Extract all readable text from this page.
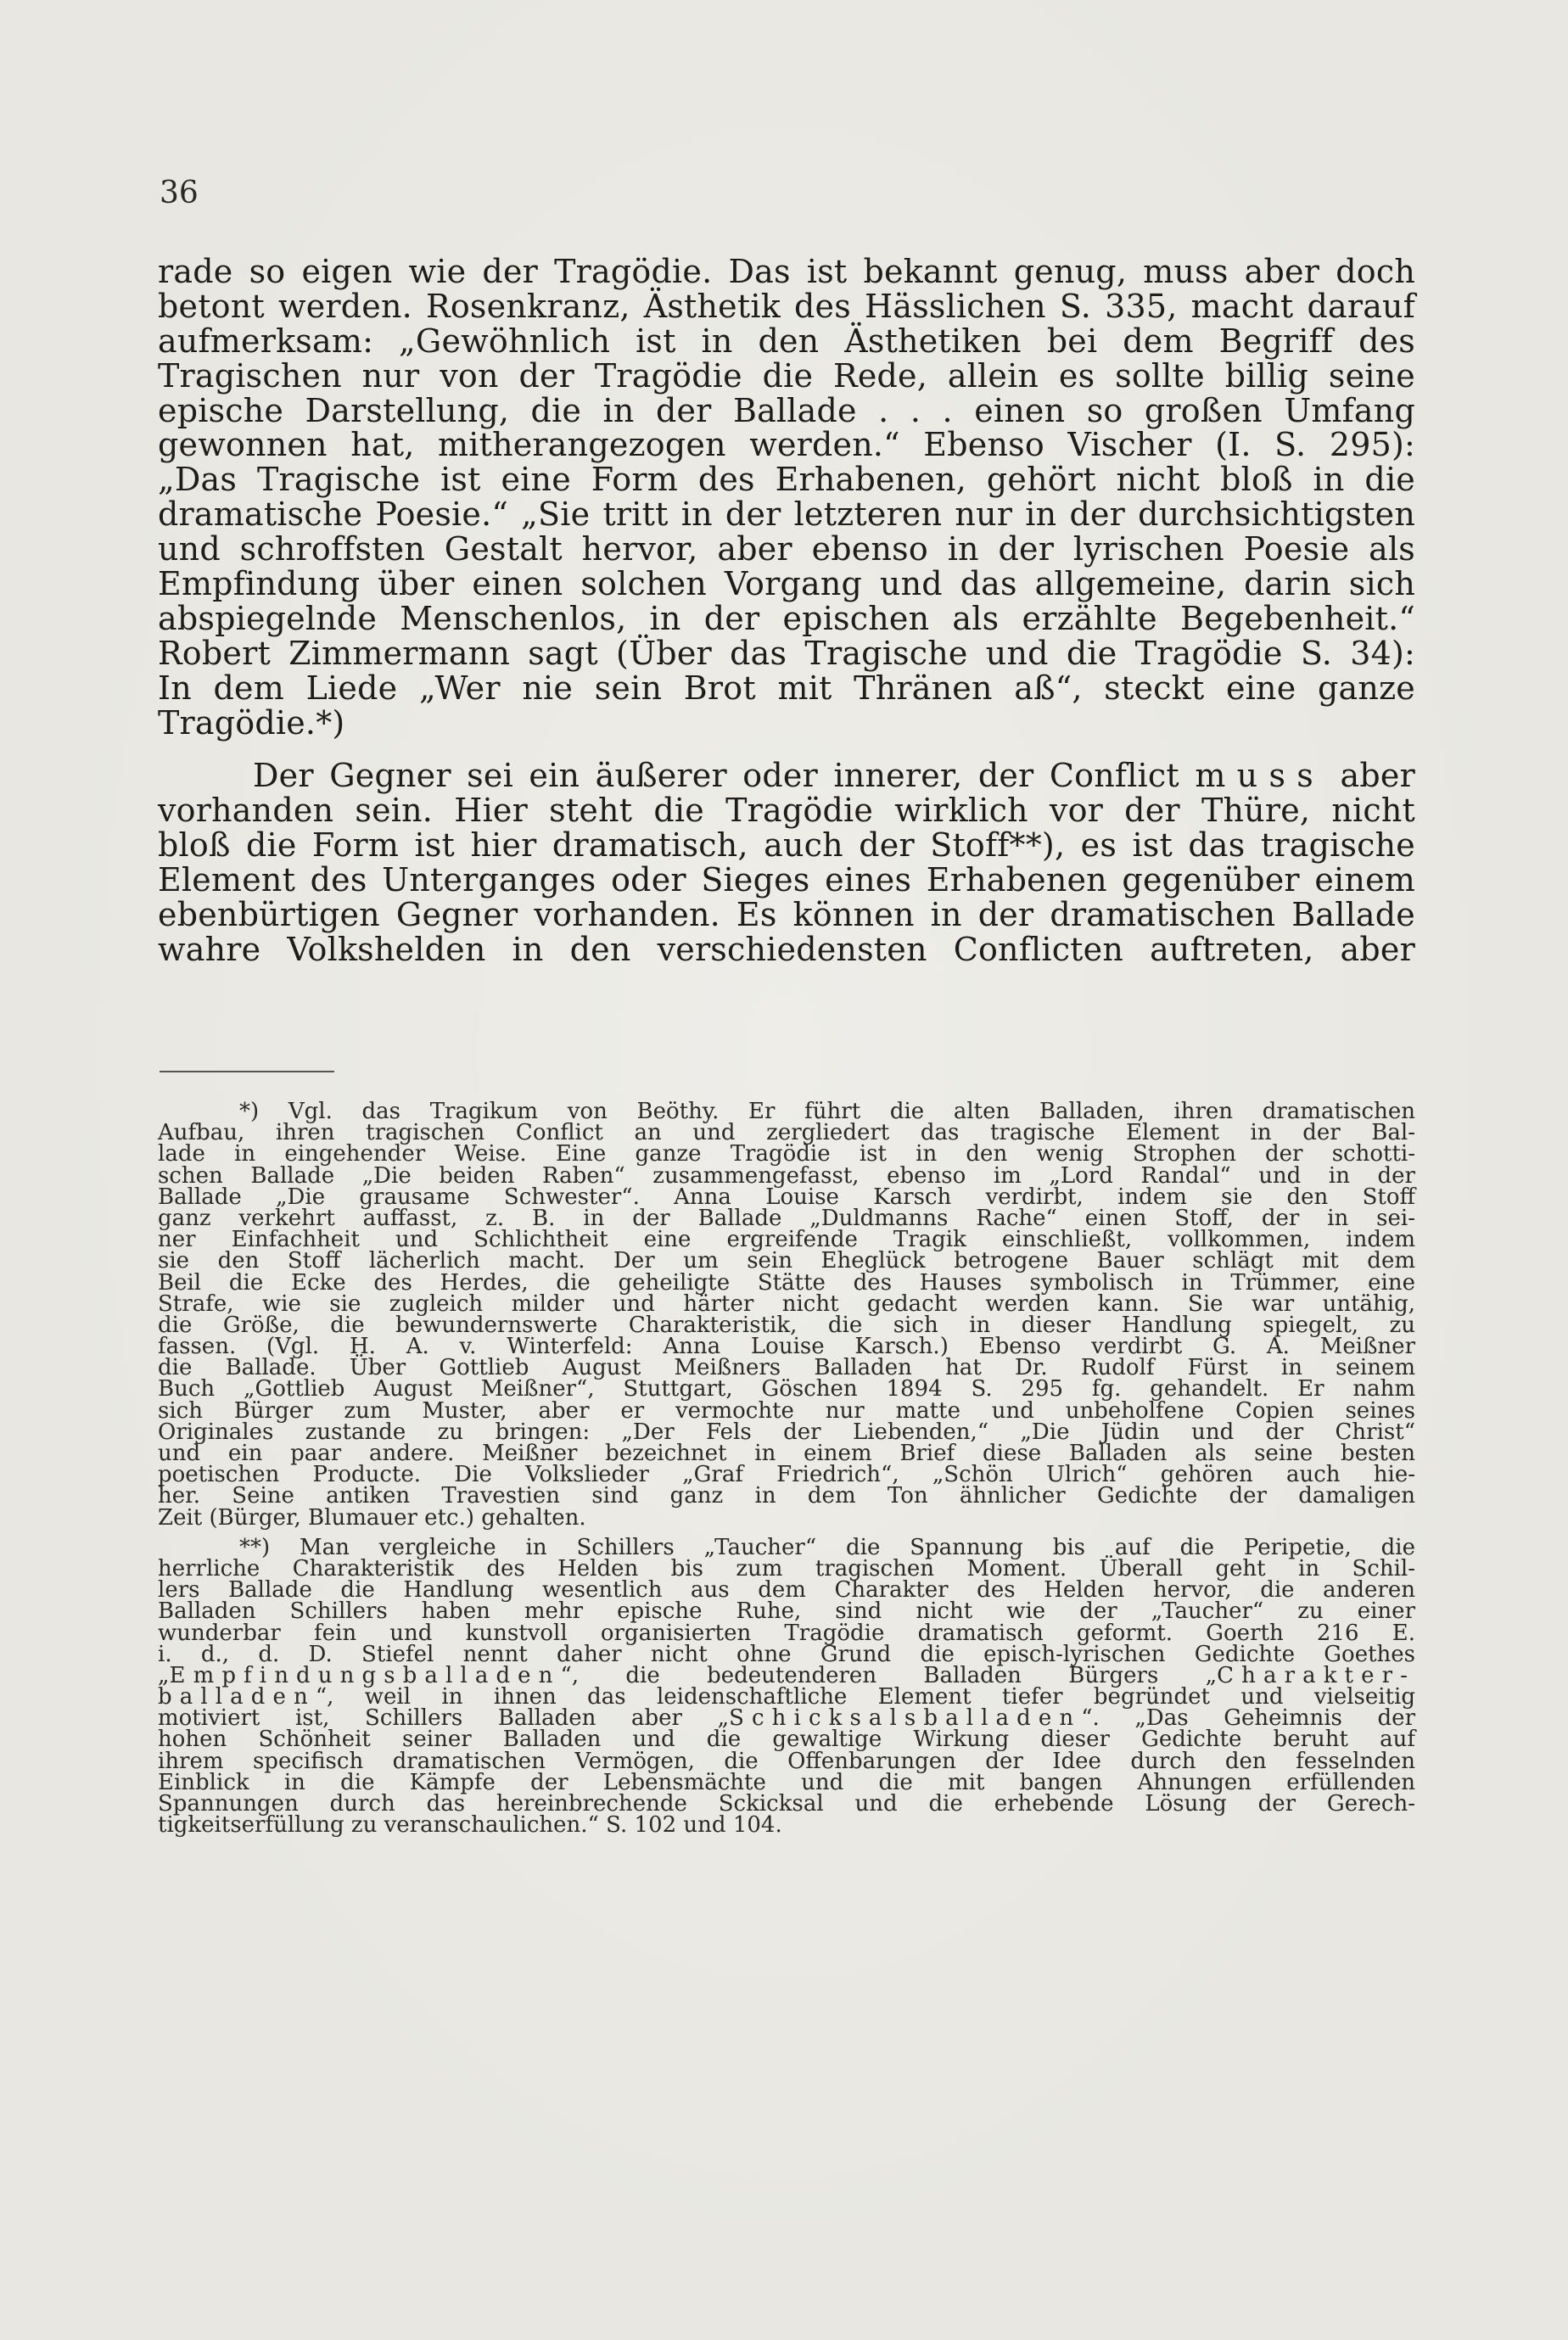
36
rade so eigen wie der Tragödie. Das ist bekannt genug, muss aber doch
betont werden. Rosenkranz, Ästhetik des Hässlichen S. 335, macht darauf
aufmerksam: „Gewöhnlich ist in den Ästhetiken bei dem Begriff des
Tragischen nur von der Tragödie die Rede, allein es sollte billig seine
epische Darstellung, die in der Ballade . . . einen so großen Umfang
gewonnen hat, mitherangezogen werden.“ Ebenso Vischer (I. S. 295):
„Das Tragische ist eine Form des Erhabenen, gehört nicht bloß in die
dramatische Poesie.“ „Sie tritt in der letzteren nur in der durchsichtigsten
und schroffsten Gestalt hervor, aber ebenso in der lyrischen Poesie als
Empfindung über einen solchen Vorgang und das allgemeine, darin sich
abspiegelnde Menschenlos, in der epischen als erzählte Begebenheit.“
Robert Zimmermann sagt (Über das Tragische und die Tragödie S. 34):
In dem Liede „Wer nie sein Brot mit Thränen aß“, steckt eine ganze
Tragödie.*)
Der Gegner sei ein äußerer oder innerer, der Conflict muss aber
vorhanden sein. Hier steht die Tragödie wirklich vor der Thüre, nicht
bloß die Form ist hier dramatisch, auch der Stoff**), es ist das tragische
Element des Unterganges oder Sieges eines Erhabenen gegenüber einem
ebenbürtigen Gegner vorhanden. Es können in der dramatischen Ballade
wahre Volkshelden in den verschiedensten Conflicten auftreten, aber
*) Vgl. das Tragikum von Beöthy. Er führt die alten Balladen, ihren dramatischen
Aufbau, ihren tragischen Conflict an und zergliedert das tragische Element in der Bal-
lade in eingehender Weise. Eine ganze Tragödie ist in den wenig Strophen der schotti-
schen Ballade „Die beiden Raben“ zusammengefasst, ebenso im „Lord Randal“ und in der
Ballade „Die grausame Schwester“. Anna Louise Karsch verdirbt, indem sie den Stoff
ganz verkehrt auffasst, z. B. in der Ballade „Duldmanns Rache“ einen Stoff, der in sei-
ner Einfachheit und Schlichtheit eine ergreifende Tragik einschließt, vollkommen, indem
sie den Stoff lächerlich macht. Der um sein Eheglück betrogene Bauer schlägt mit dem
Beil die Ecke des Herdes, die geheiligte Stätte des Hauses symbolisch in Trümmer, eine
Strafe, wie sie zugleich milder und härter nicht gedacht werden kann. Sie war untähig,
die Größe, die bewundernswerte Charakteristik, die sich in dieser Handlung spiegelt, zu
fassen. (Vgl. H. A. v. Winterfeld: Anna Louise Karsch.) Ebenso verdirbt G. A. Meißner
die Ballade. Über Gottlieb August Meißners Balladen hat Dr. Rudolf Fürst in seinem
Buch „Gottlieb August Meißner“, Stuttgart, Göschen 1894 S. 295 fg. gehandelt. Er nahm
sich Bürger zum Muster, aber er vermochte nur matte und unbeholfene Copien seines
Originales zustande zu bringen: „Der Fels der Liebenden,“ „Die Jüdin und der Christ“
und ein paar andere. Meißner bezeichnet in einem Brief diese Balladen als seine besten
poetischen Producte. Die Volkslieder „Graf Friedrich“, „Schön Ulrich“ gehören auch hie-
her. Seine antiken Travestien sind ganz in dem Ton ähnlicher Gedichte der damaligen
Zeit (Bürger, Blumauer etc.) gehalten.
**) Man vergleiche in Schillers „Taucher“ die Spannung bis auf die Peripetie, die
herrliche Charakteristik des Helden bis zum tragischen Moment. Überall geht in Schil-
lers Ballade die Handlung wesentlich aus dem Charakter des Helden hervor, die anderen
Balladen Schillers haben mehr epische Ruhe, sind nicht wie der „Taucher“ zu einer
wunderbar fein und kunstvoll organisierten Tragödie dramatisch geformt. Goerth 216 E.
i. d., d. D. Stiefel nennt daher nicht ohne Grund die episch-lyrischen Gedichte Goethes
„Empfindungsballaden“, die bedeutenderen Balladen Bürgers „Charakter-
balladen“, weil in ihnen das leidenschaftliche Element tiefer begründet und vielseitig
motiviert ist, Schillers Balladen aber „Schicksalsballaden“. „Das Geheimnis der
hohen Schönheit seiner Balladen und die gewaltige Wirkung dieser Gedichte beruht auf
ihrem specifisch dramatischen Vermögen, die Offenbarungen der Idee durch den fesselnden
Einblick in die Kämpfe der Lebensmächte und die mit bangen Ahnungen erfüllenden
Spannungen durch das hereinbrechende Sckicksal und die erhebende Lösung der Gerech-
tigkeitserfüllung zu veranschaulichen.“ S. 102 und 104.
